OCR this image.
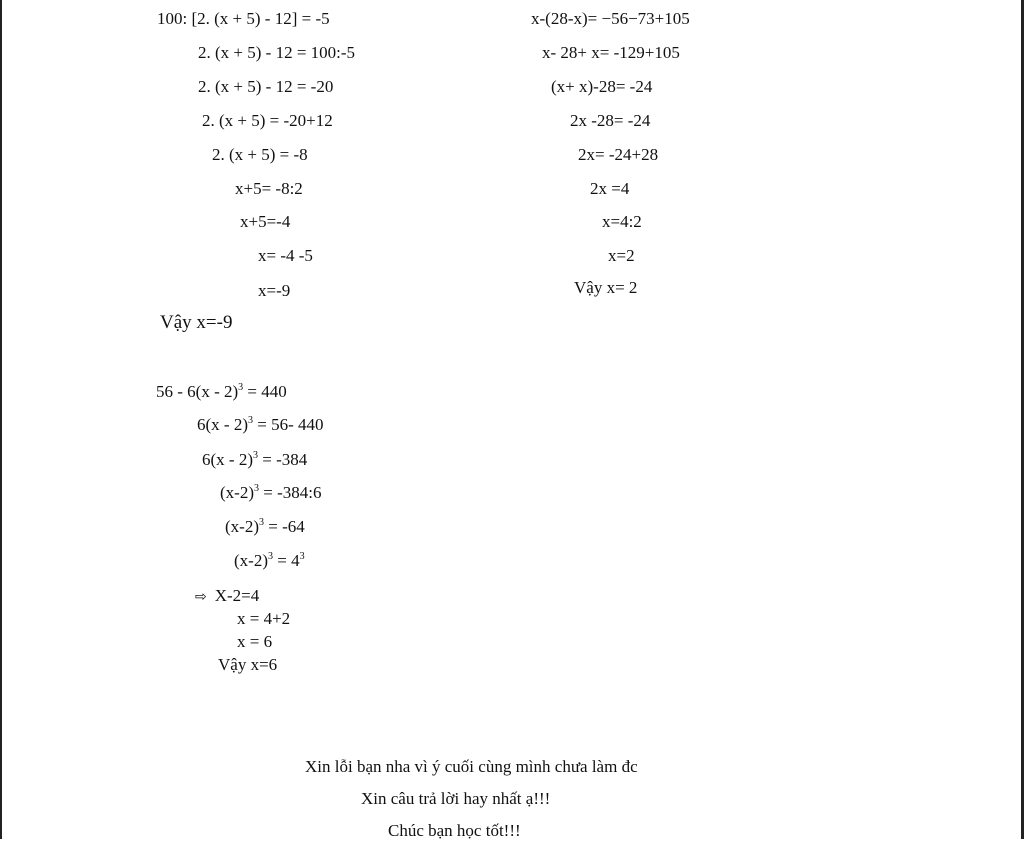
100: [2. (x + 5) - 12] = -5
2. (x + 5) - 12 = 100:-5
2. (x + 5) - 12 = -20
2. (x + 5) = -20+12
2. (x + 5) = -8
x+5= -8:2
x+5=-4
x= -4 -5
x=-9
Vậy x=-9
x-(28-x)= −56−73+105
x- 28+ x= -129+105
(x+ x)-28= -24
2x -28= -24
2x= -24+28
2x =4
x=4:2
x=2
Vậy x= 2
56 - 6(x - 2)$^3$ = 440
6(x - 2)$^3$ = 56- 440
6(x - 2)$^3$ = -384
$(x-2)^3$ = -384:6
$(x-2)^3 = -64$
$(x-2)^3 = 4^3$
⇨ X-2=4
x = 4+2
x = 6
Vậy x=6
Xin lỗi bạn nha vì ý cuối cùng mình chưa làm đc
Xin câu trả lời hay nhất ạ!!!
Chúc bạn học tốt!!!
